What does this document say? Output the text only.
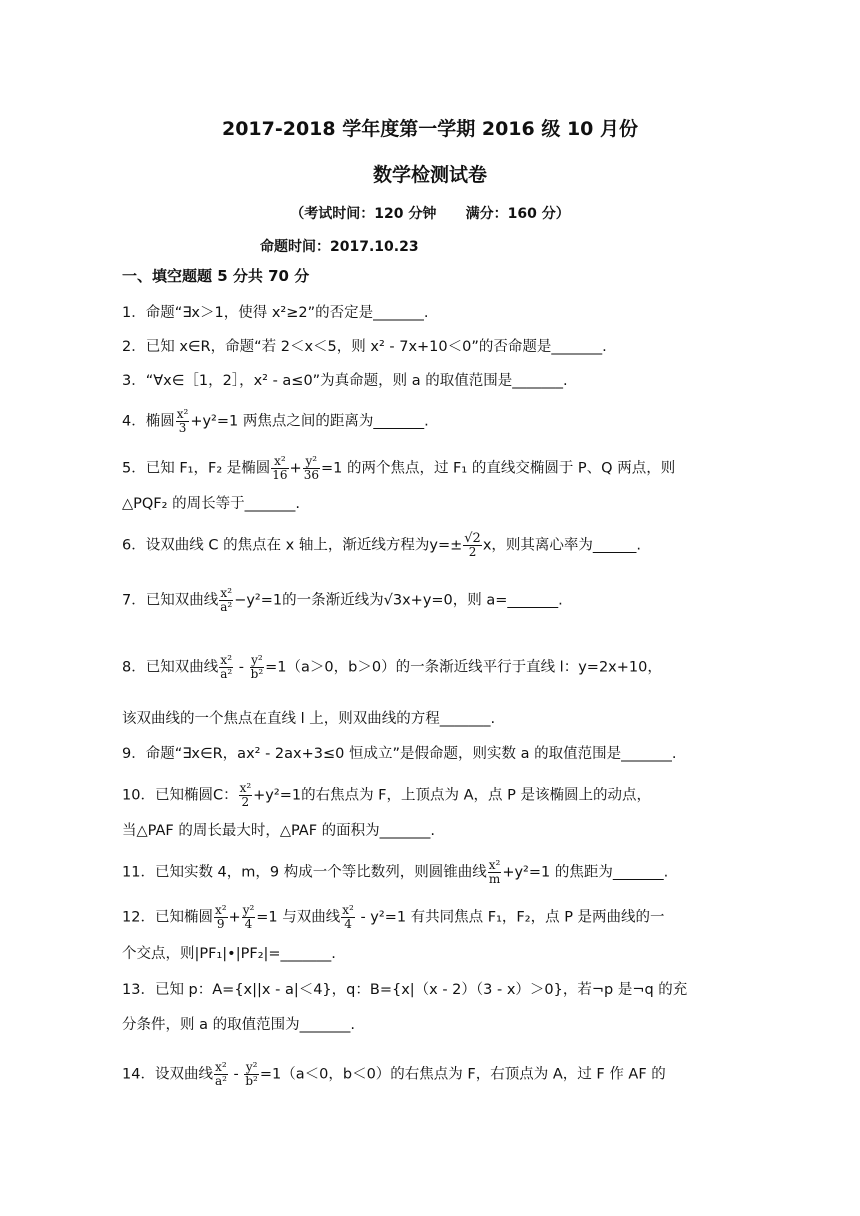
2017-2018 学年度第一学期 2016 级 10 月份
数学检测试卷
（考试时间：120 分钟      满分：160 分）
命题时间：2017.10.23
一、填空题题 5 分共 70 分
1．命题“∃x＞1，使得 x²≥2”的否定是_______.
2．已知 x∈R，命题“若 2＜x＜5，则 x² - 7x+10＜0”的否命题是_______.
3．“∀x∈［1，2］，x² - a≤0”为真命题，则 a 的取值范围是_______.
4．椭圆 $\frac{\text{x²}}{3} +y^2=1$ 两焦点之间的距离为_______.
5．已知 F₁，F₂ 是椭圆 $\frac{\text{x²}}{16} + \frac{\text{y²}}{36} =1$ 的两个焦点，过 F₁ 的直线交椭圆于 P、Q 两点，则
△PQF₂ 的周长等于_______.
6．设双曲线 C 的焦点在 x 轴上，渐近线方程为$y=\pm \frac{√2}{2}$ x，则其离心率为______.
7．已知双曲线 $\frac{\text{x²}}{\text{a²}} -y^2=1$的一条渐近线为√3x+y=0，则 a=_______.
8．已知双曲线 $\frac{\text{x²}}{\text{a²}} - \frac{\text{y²}}{\text{b²}} =1(a>0$，b＞0）的一条渐近线平行于直线 l：y=2x+10，
该双曲线的一个焦点在直线 l 上，则双曲线的方程_______.
9．命题“∃x∈R，ax² - 2ax+3≤0 恒成立”是假命题，则实数 a 的取值范围是_______.
10．已知椭圆C： $\frac{\text{x²}}{2} +y^2=1$的右焦点为 F，上顶点为 A，点 P 是该椭圆上的动点，
当△PAF 的周长最大时，△PAF 的面积为_______.
11．已知实数 4，m，9 构成一个等比数列，则圆锥曲线 $\frac{\text{x²}}{m} +y^2=1$ 的焦距为_______.
12．已知椭圆 $\frac{\text{x²}}{9} + \frac{\text{y²}}{4} =1$ 与双曲线 $\frac{\text{x²}}{4} - y^2=1$ 有共同焦点 F₁，F₂，点 P 是两曲线的一
个交点，则|PF₁|•|PF₂|=_______.
13．已知 p：A={x||x - a|＜4}，q：B={x|（x - 2）（3 - x）＞0}，若¬p 是¬q 的充
分条件，则 a 的取值范围为_______.
14．设双曲线 $\frac{\text{x²}}{\text{a²}} - \frac{\text{y²}}{\text{b²}} =1(a<0$，b＜0）的右焦点为 F，右顶点为 A，过 F 作 AF 的
